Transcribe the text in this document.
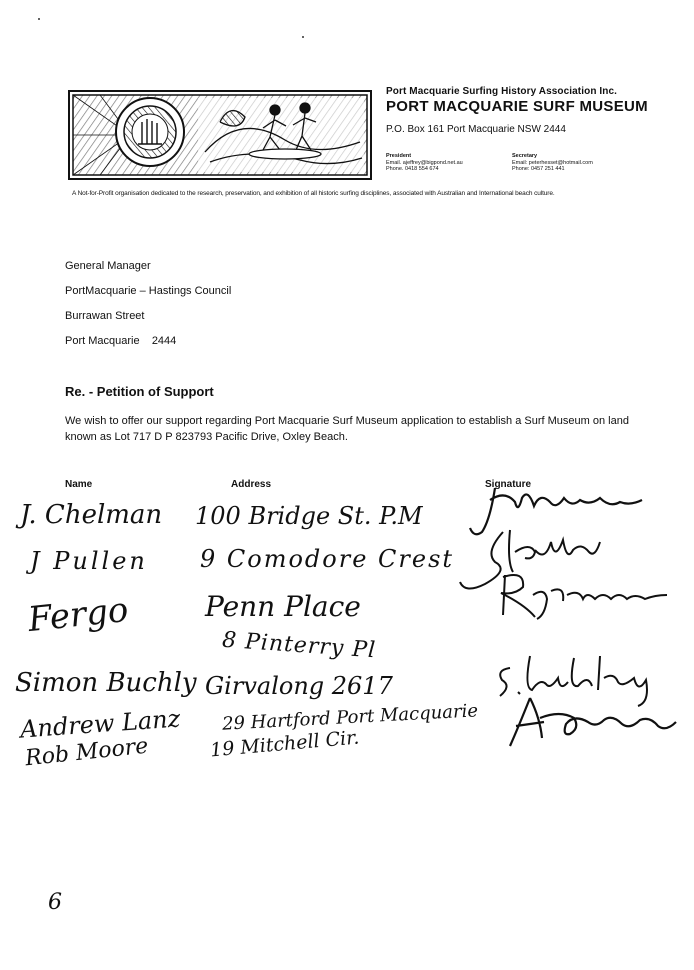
Port Macquarie Surfing History Association Inc.
PORT MACQUARIE SURF MUSEUM
P.O. Box 161 Port Macquarie NSW 2444
President
Email. ajeffrey@bigpond.net.au
Phone. 0418 554 674
Secretary
Email: peterhesset@hotmail.com
Phone: 0457 251 441
A Not-for-Profit organisation dedicated to the research, preservation, and exhibition of all historic surfing disciplines, associated with Australian and International beach culture.
General Manager
PortMacquarie – Hastings Council
Burrawan Street
Port Macquarie    2444
Re. - Petition of Support
We wish to offer our support regarding Port Macquarie Surf Museum application to establish a Surf Museum on land known as Lot 717 D P 823793 Pacific Drive, Oxley Beach.
Name	Address	Signature
J. Chelman
J Pullen
Fergo
Simon Buchly
Andrew Lanz
Rob Moore
100 Bridge St. P.M
9 Comodore Crest
Penn Place
8 Pinterry Pl
Girvalong 2617
29 Hartford Port Macquarie
19 Mitchell Cir.
6
